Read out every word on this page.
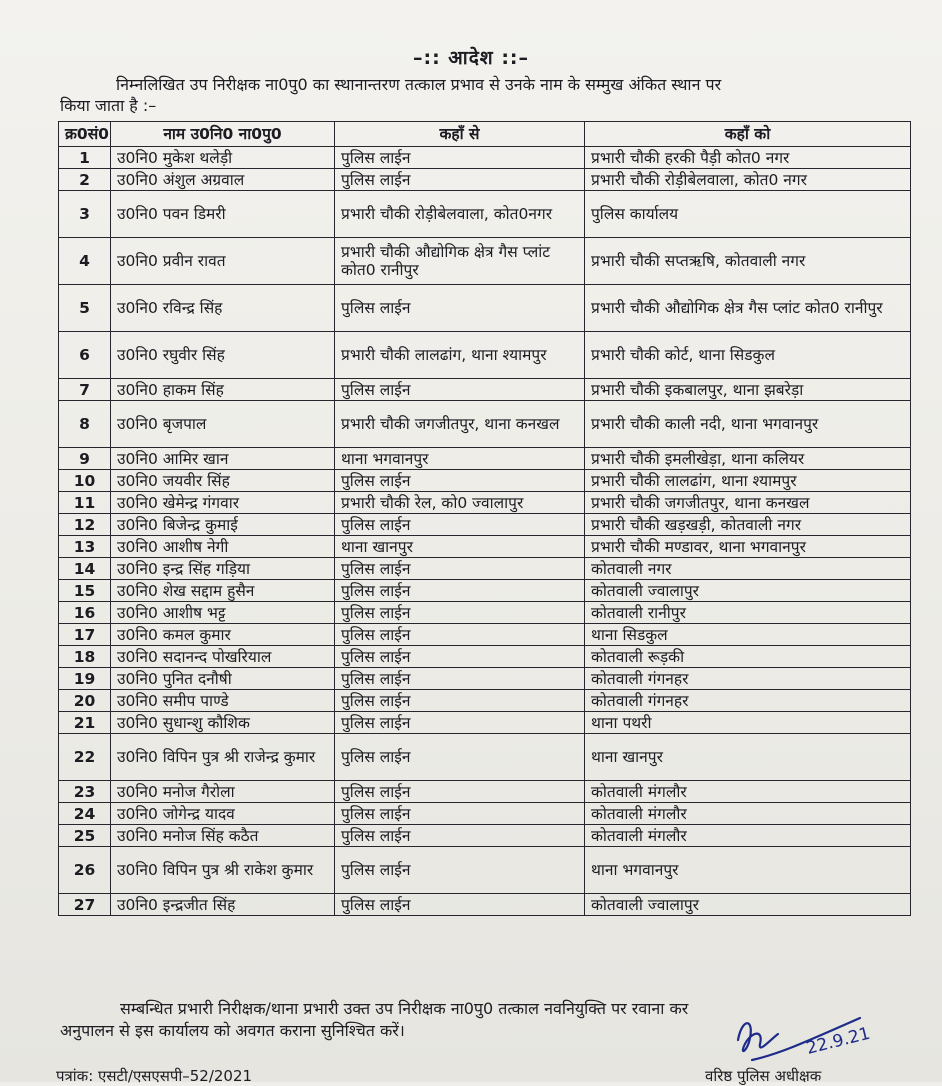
–:: आदेश ::–
निम्नलिखित उप निरीक्षक ना0पु0 का स्थानान्तरण तत्काल प्रभाव से उनके नाम के सम्मुख अंकित स्थान पर
किया जाता है :–
क्र0सं0	नाम उ0नि0 ना0पु0	कहाँ से	कहाँ को
1	उ0नि0 मुकेश थलेड़ी	पुलिस लाईन	प्रभारी चौकी हरकी पैड़ी कोत0 नगर
2	उ0नि0 अंशुल अग्रवाल	पुलिस लाईन	प्रभारी चौकी रोड़ीबेलवाला, कोत0 नगर
3	उ0नि0 पवन डिमरी	प्रभारी चौकी रोड़ीबेलवाला, कोत0नगर	पुलिस कार्यालय
4	उ0नि0 प्रवीन रावत	प्रभारी चौकी औद्योगिक क्षेत्र गैस प्लांट कोत0 रानीपुर	प्रभारी चौकी सप्तऋषि, कोतवाली नगर
5	उ0नि0 रविन्द्र सिंह	पुलिस लाईन	प्रभारी चौकी औद्योगिक क्षेत्र गैस प्लांट कोत0 रानीपुर
6	उ0नि0 रघुवीर सिंह	प्रभारी चौकी लालढांग, थाना श्यामपुर	प्रभारी चौकी कोर्ट, थाना सिडकुल
7	उ0नि0 हाकम सिंह	पुलिस लाईन	प्रभारी चौकी इकबालपुर, थाना झबरेड़ा
8	उ0नि0 बृजपाल	प्रभारी चौकी जगजीतपुर, थाना कनखल	प्रभारी चौकी काली नदी, थाना भगवानपुर
9	उ0नि0 आमिर खान	थाना भगवानपुर	प्रभारी चौकी इमलीखेड़ा, थाना कलियर
10	उ0नि0 जयवीर सिंह	पुलिस लाईन	प्रभारी चौकी लालढांग, थाना श्यामपुर
11	उ0नि0 खेमेन्द्र गंगवार	प्रभारी चौकी रेल, को0 ज्वालापुर	प्रभारी चौकी जगजीतपुर, थाना कनखल
12	उ0नि0 बिजेन्द्र कुमाई	पुलिस लाईन	प्रभारी चौकी खड़खड़ी, कोतवाली नगर
13	उ0नि0 आशीष नेगी	थाना खानपुर	प्रभारी चौकी मण्डावर, थाना भगवानपुर
14	उ0नि0 इन्द्र सिंह गड़िया	पुलिस लाईन	कोतवाली नगर
15	उ0नि0 शेख सद्दाम हुसैन	पुलिस लाईन	कोतवाली ज्वालापुर
16	उ0नि0 आशीष भट्ट	पुलिस लाईन	कोतवाली रानीपुर
17	उ0नि0 कमल कुमार	पुलिस लाईन	थाना सिडकुल
18	उ0नि0 सदानन्द पोखरियाल	पुलिस लाईन	कोतवाली रूड़की
19	उ0नि0 पुनित दनौषी	पुलिस लाईन	कोतवाली गंगनहर
20	उ0नि0 समीप पाण्डे	पुलिस लाईन	कोतवाली गंगनहर
21	उ0नि0 सुधान्शु कौशिक	पुलिस लाईन	थाना पथरी
22	उ0नि0 विपिन पुत्र श्री राजेन्द्र कुमार	पुलिस लाईन	थाना खानपुर
23	उ0नि0 मनोज गैरोला	पुलिस लाईन	कोतवाली मंगलौर
24	उ0नि0 जोगेन्द्र यादव	पुलिस लाईन	कोतवाली मंगलौर
25	उ0नि0 मनोज सिंह कठैत	पुलिस लाईन	कोतवाली मंगलौर
26	उ0नि0 विपिन पुत्र श्री राकेश कुमार	पुलिस लाईन	थाना भगवानपुर
27	उ0नि0 इन्द्रजीत सिंह	पुलिस लाईन	कोतवाली ज्वालापुर
सम्बन्धित प्रभारी निरीक्षक/थाना प्रभारी उक्त उप निरीक्षक ना0पु0 तत्काल नवनियुक्ति पर रवाना कर
अनुपालन से इस कार्यालय को अवगत कराना सुनिश्चित करें।	22.9.21
पत्रांक: एसटी/एसएसपी–52/2021	वरिष्ठ पुलिस अधीक्षक
